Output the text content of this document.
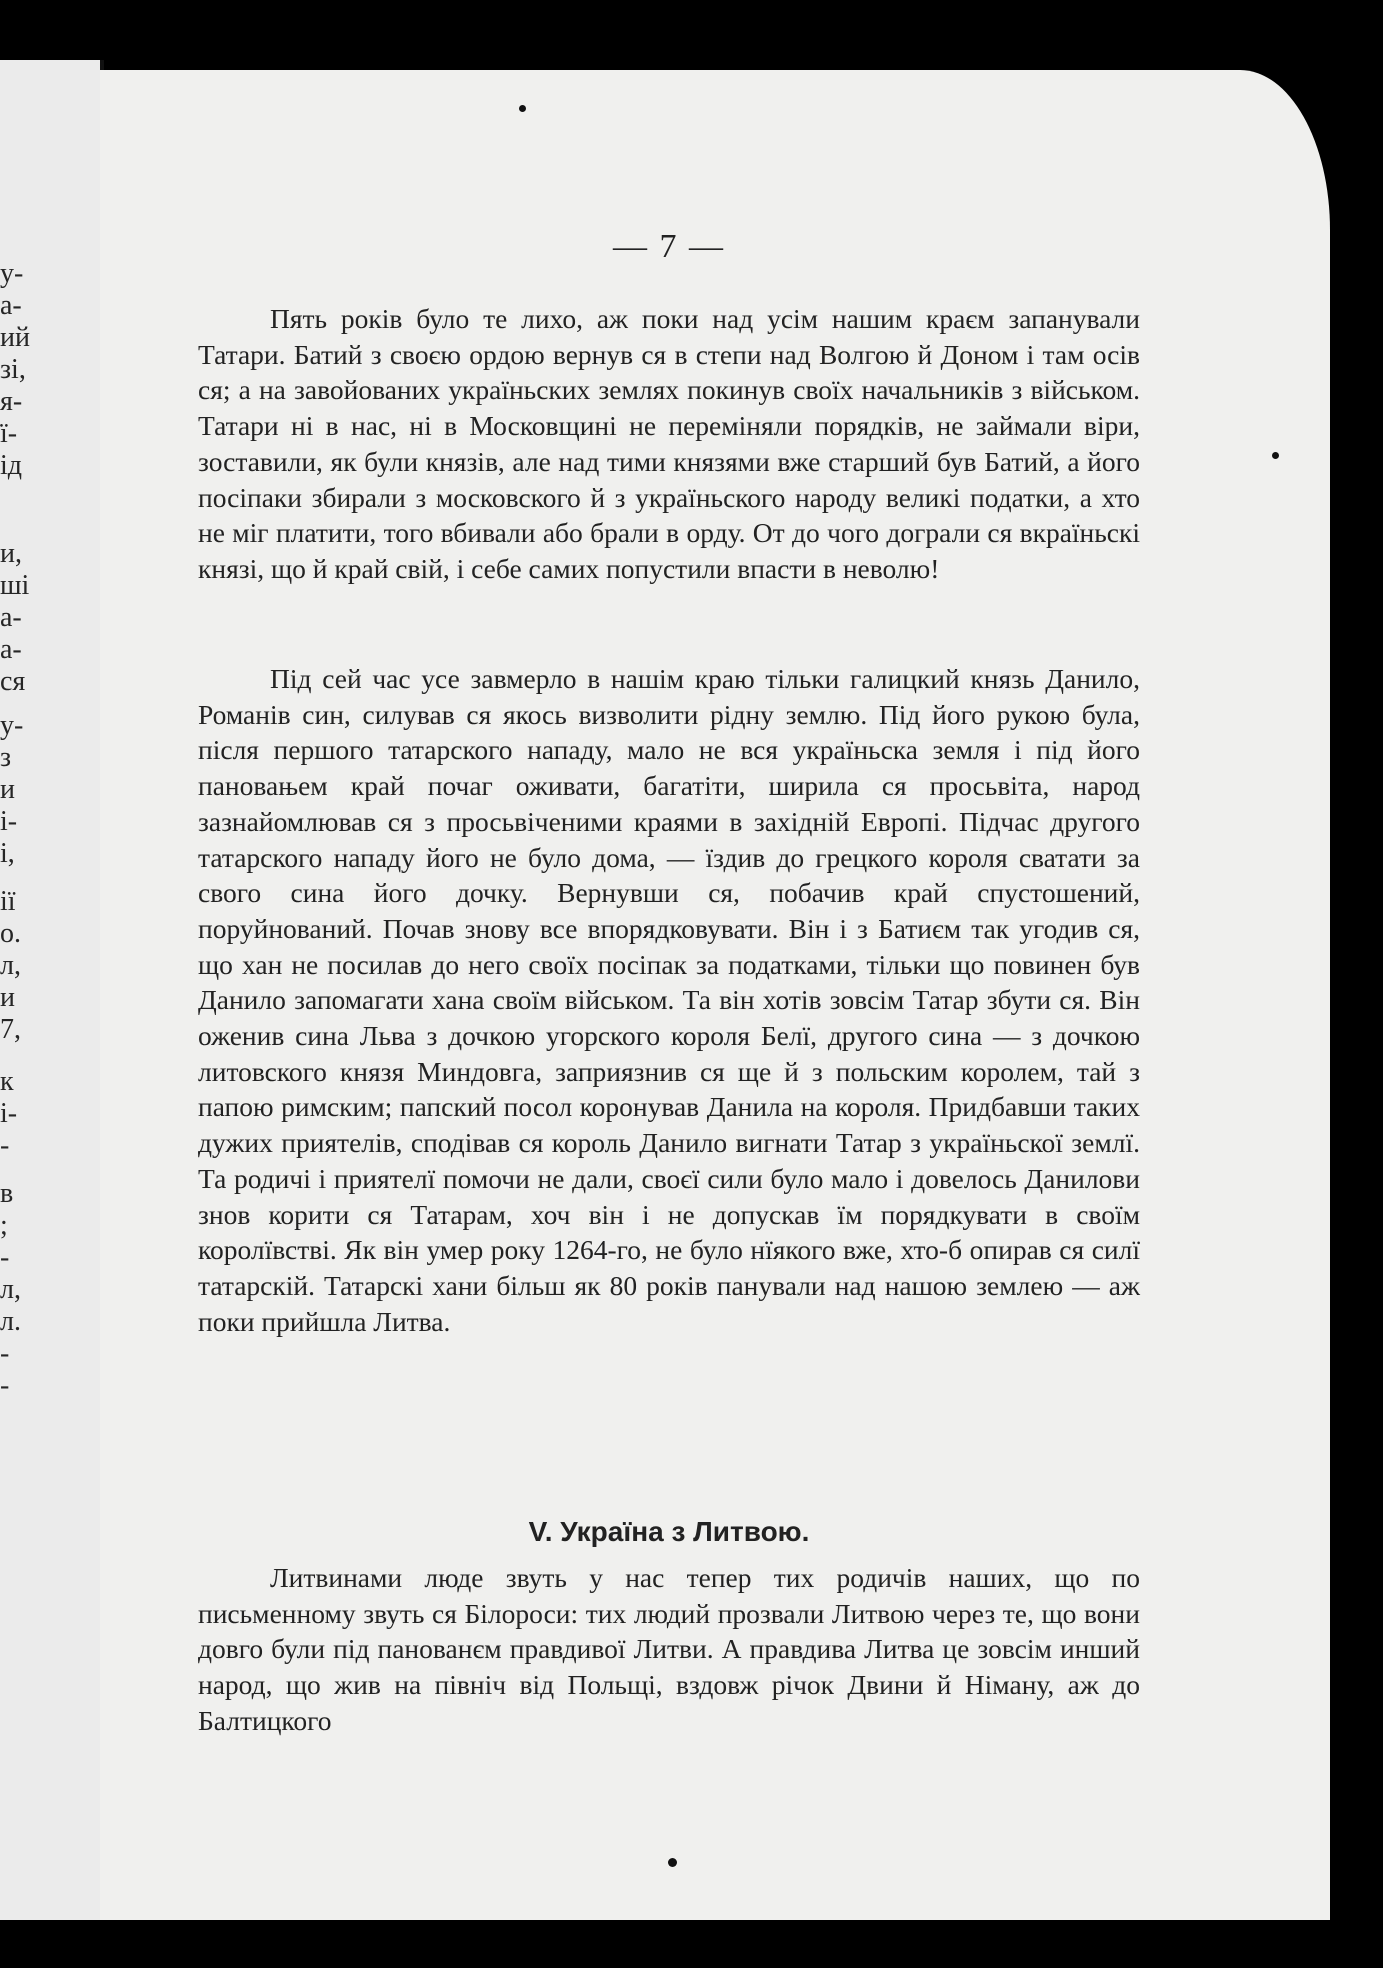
у-
а-
ий
зі,
я-
ї-
ід
и,
ші
а-
а-
ся
у-
з
и
і-
і,
ії
о.
л,
и
7,
к
і-
-
в
;
-
л,
л.
-
-
— 7 —
Пять років було те лихо, аж поки над усім нашим краєм запанували Татари. Батий з своєю ордою вернув ся в степи над Волгою й Доном і там осів ся; а на завойованих україньских землях покинув своїх начальників з військом. Татари ні в нас, ні в Московщині не переміняли порядків, не займали віри, зоставили, як були князів, але над тими князями вже старший був Батий, а його посіпаки збирали з московского й з україньского народу великі податки, а хто не міг платити, того вбивали або брали в орду. От до чого дограли ся вкраїньскі князі, що й край свій, і себе самих попустили впасти в неволю!
Під сей час усе завмерло в нашім краю тільки галицкий князь Данило, Романів син, силував ся якось визволити рідну землю. Під його рукою була, після першого татарского нападу, мало не вся україньска земля і під його пановањем край почаг оживати, багатіти, ширила ся просьвіта, народ зазнайомлював ся з просьвіченими краями в західній Европі. Підчас другого татарского нападу його не було дома, — їздив до грецкого короля сватати за свого сина його дочку. Вернувши ся, побачив край спустошений, поруйнований. Почав знову все впорядковувати. Він і з Батиєм так угодив ся, що хан не посилав до него своїх посіпак за податками, тільки що повинен був Данило запомагати хана своїм військом. Та він хотів зовсім Татар збути ся. Він оженив сина Льва з дочкою угорского короля Белї, другого сина — з дочкою литовского князя Миндовга, заприязнив ся ще й з польским королем, тай з папою римским; папский посол коронував Данила на короля. Придбавши таких дужих приятелів, сподівав ся король Данило вигнати Татар з україньскої землї. Та родичі і приятелї помочи не дали, своєї сили було мало і довелось Данилови знов корити ся Татарам, хоч він і не допускав їм порядкувати в своїм королївстві. Як він умер року 1264-го, не було нїякого вже, хто-б опирав ся силї татарскій. Татарскі хани більш як 80 років панували над нашою землею — аж поки прийшла Литва.
V. Україна з Литвою.
Литвинами люде звуть у нас тепер тих родичів наших, що по письменному звуть ся Білороси: тих людий прозвали Литвою через те, що вони довго були під панованєм правдивої Литви. А правдива Литва це зовсім инший народ, що жив на північ від Польщі, вздовж річок Двини й Німану, аж до Балтицкого
